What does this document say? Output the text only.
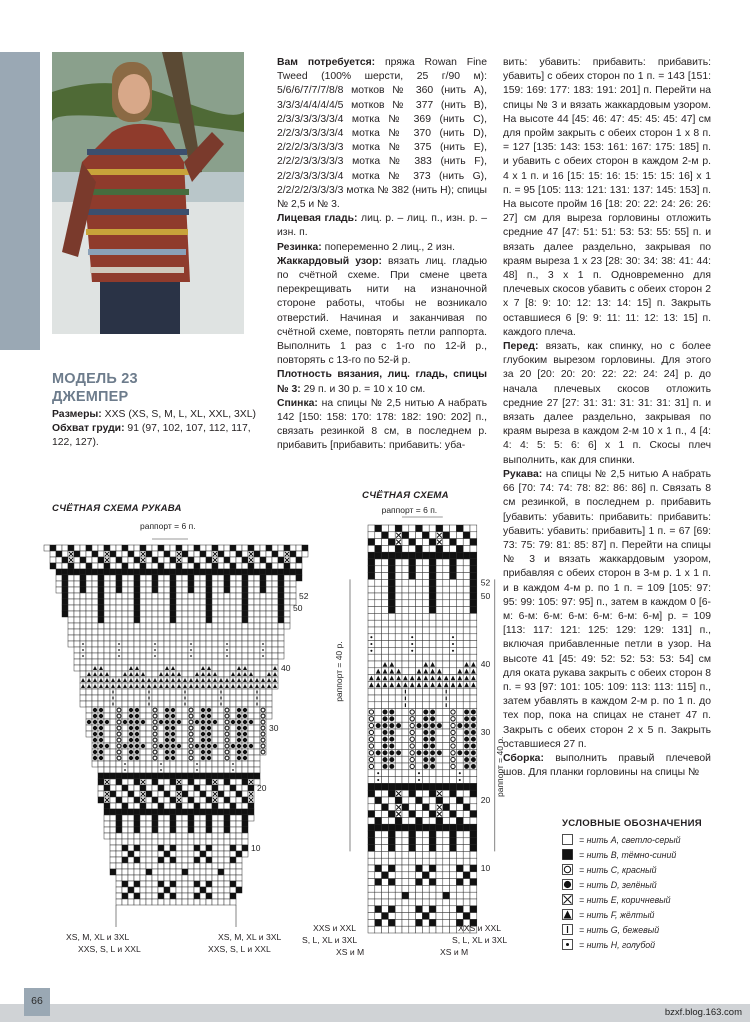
МОДЕЛЬ 23
ДЖЕМПЕР
Размеры: XXS (XS, S, M, L, XL, XXL, 3XL)
Обхват груди: 91 (97, 102, 107, 112, 117, 122, 127).

Вам потребуется: пряжа Rowan Fine Tweed (100% шерсти, 25 г/90 м): 5/6/6/7/7/7/8/8 мотков № 360 (нить A), 3/3/3/4/4/4/4/5 мотков № 377 (нить B), 2/3/3/3/3/3/3/4 мотка № 369 (нить C), 2/2/3/3/3/3/3/4 мотка № 370 (нить D), 2/2/2/3/3/3/3/3 мотка № 375 (нить E), 2/2/2/3/3/3/3/3 мотка № 383 (нить F), 2/2/3/3/3/3/3/4 мотка № 373 (нить G), 2/2/2/2/3/3/3/3 мотка № 382 (нить H); спицы № 2,5 и № 3.

Лицевая гладь: лиц. р. – лиц. п., изн. р. – изн. п.

Резинка: попеременно 2 лиц., 2 изн.

Жаккардовый узор: вязать лиц. гладью по счётной схеме. При смене цвета перекрещивать нити на изнаночной стороне работы, чтобы не возникало отверстий. Начиная и заканчивая по счётной схеме, повторять петли раппорта. Выполнить 1 раз с 1-го по 12-й р., повторять с 13-го по 52-й р.

Плотность вязания, лиц. гладь, спицы № 3: 29 п. и 30 р. = 10 х 10 см.

Спинка: на спицы № 2,5 нитью A набрать 142 [150: 158: 170: 178: 182: 190: 202] п., связать резинкой 8 см, в последнем р. прибавить [прибавить: прибавить: уба-

вить: убавить: прибавить: прибавить: убавить] с обеих сторон по 1 п. = 143 [151: 159: 169: 177: 183: 191: 201] п. Перейти на спицы № 3 и вязать жаккардовым узором. На высоте 44 [45: 46: 47: 45: 45: 45: 47] см для пройм закрыть с обеих сторон 1 х 8 п. = 127 [135: 143: 153: 161: 167: 175: 185] п. и убавить с обеих сторон в каждом 2-м р. 4 х 1 п. и 16 [15: 15: 16: 15: 15: 15: 16] х 1 п. = 95 [105: 113: 121: 131: 137: 145: 153] п. На высоте пройм 16 [18: 20: 22: 24: 26: 26: 27] см для выреза горловины отложить средние 47 [47: 51: 51: 53: 53: 55: 55] п. и вязать далее раздельно, закрывая по краям выреза 1 х 23 [28: 30: 34: 38: 41: 44: 48] п., 3 х 1 п. Одновременно для плечевых скосов убавить с обеих сторон 2 х 7 [8: 9: 10: 12: 13: 14: 15] п. Закрыть оставшиеся 6 [9: 9: 11: 11: 12: 13: 15] п. каждого плеча.

Перед: вязать, как спинку, но с более глубоким вырезом горловины. Для этого за 20 [20: 20: 20: 22: 22: 24: 24] р. до начала плечевых скосов отложить средние 27 [27: 31: 31: 31: 31: 31: 31] п. и вязать далее раздельно, закрывая по краям выреза в каждом 2-м 10 х 1 п., 4 [4: 4: 4: 5: 5: 6: 6] х 1 п. Скосы плеч выполнить, как для спинки.

Рукава: на спицы № 2,5 нитью A набрать 66 [70: 74: 74: 78: 82: 86: 86] п. Связать 8 см резинкой, в последнем р. прибавить [убавить: убавить: прибавить: прибавить: убавить: убавить: прибавить] 1 п. = 67 [69: 73: 75: 79: 81: 85: 87] п. Перейти на спицы № 3 и вязать жаккардовым узором, прибавляя с обеих сторон в 3-м р. 1 х 1 п. и в каждом 4-м р. по 1 п. = 109 [105: 97: 95: 99: 105: 97: 95] п., затем в каждом 0 [6-м: 6-м: 6-м: 6-м: 6-м: 6-м: 6-м] р. = 109 [113: 117: 121: 125: 129: 129: 131] п., включая прибавленные петли в узор. На высоте 41 [45: 49: 52: 52: 53: 53: 54] см для оката рукава закрыть с обеих сторон 8 п. = 93 [97: 101: 105: 109: 113: 113: 115] п., затем убавлять в каждом 2-м р. по 1 п. до тех пор, пока на спицах не станет 47 п. Закрыть с обеих сторон 2 х 5 п. Закрыть оставшиеся 27 п.

Сборка: выполнить правый плечевой шов. Для планки горловины на спицы №

СЧЁТНАЯ СХЕМА РУКАВА
СЧЁТНАЯ СХЕМА
раппорт = 6 п.
52
50
40
30
20
10
раппорт = 6 п.
52
50
40
30
20
10
раппорт = 40 р.
раппорт = 40 р.
XS, M, XL и 3XL
XXS, S, L и XXL
XS, M, XL и 3XL
XXS, S, L и XXL
XXS и XXL
S, L, XL и 3XL
XS и M
XXS и XXL
S, L, XL и 3XL
XS и M
УСЛОВНЫЕ ОБОЗНАЧЕНИЯ
= нить A, светло-серый
= нить B, тёмно-синий
= нить C, красный
= нить D, зелёный
= нить E, коричневый
= нить F, жёлтый
= нить G, бежевый
= нить H, голубой
66
bzxf.blog.163.com
